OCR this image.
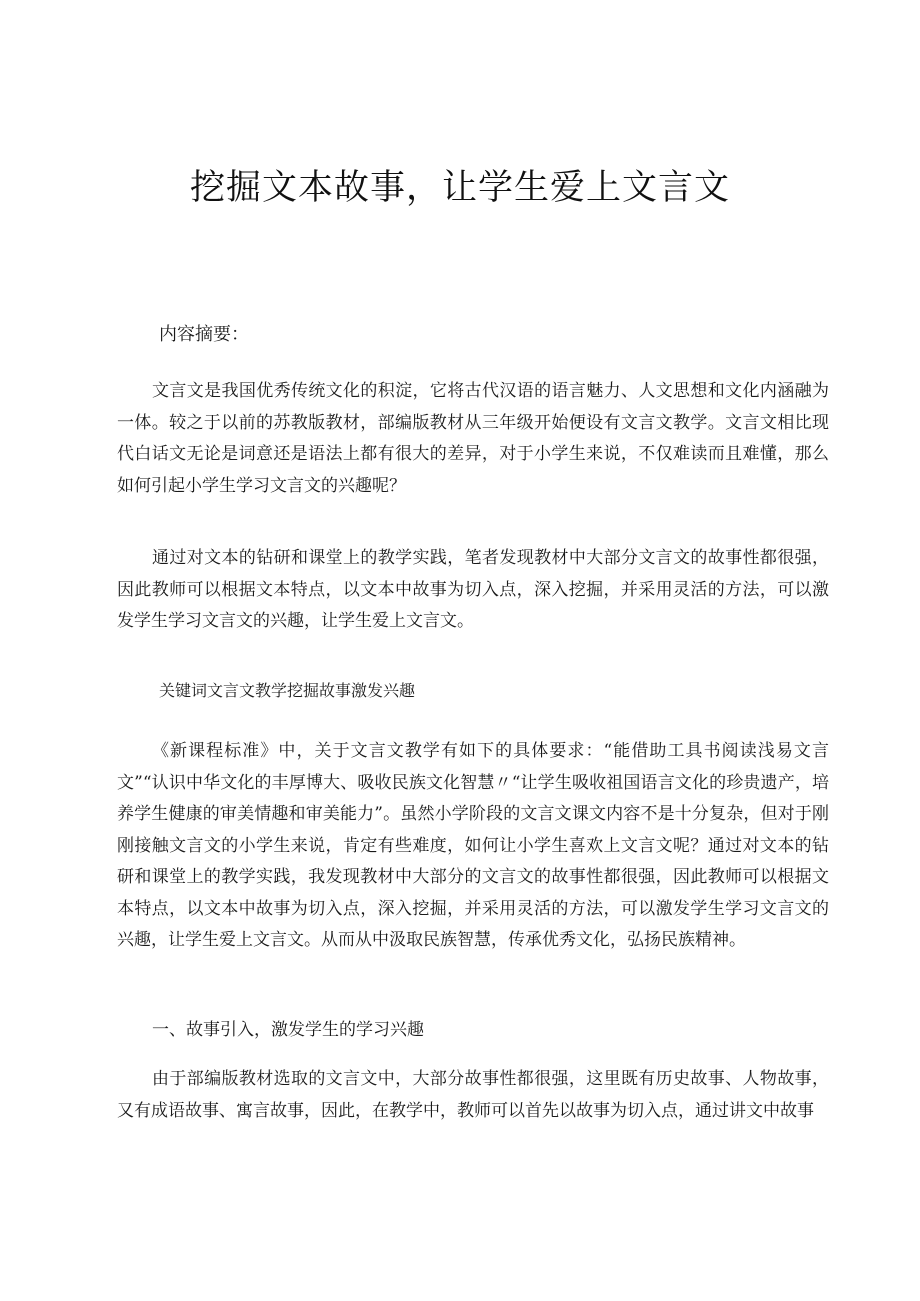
挖掘文本故事，让学生爱上文言文
内容摘要：

文言文是我国优秀传统文化的积淀，它将古代汉语的语言魅力、人文思想和文化内涵融为一体。较之于以前的苏教版教材，部编版教材从三年级开始便设有文言文教学。文言文相比现代白话文无论是词意还是语法上都有很大的差异，对于小学生来说，不仅难读而且难懂，那么如何引起小学生学习文言文的兴趣呢？

通过对文本的钻研和课堂上的教学实践，笔者发现教材中大部分文言文的故事性都很强，因此教师可以根据文本特点，以文本中故事为切入点，深入挖掘，并采用灵活的方法，可以激发学生学习文言文的兴趣，让学生爱上文言文。

关键词文言文教学挖掘故事激发兴趣

《新课程标准》中，关于文言文教学有如下的具体要求：“能借助工具书阅读浅易文言文”“认识中华文化的丰厚博大、吸收民族文化智慧〃“让学生吸收祖国语言文化的珍贵遗产，培养学生健康的审美情趣和审美能力”。虽然小学阶段的文言文课文内容不是十分复杂，但对于刚刚接触文言文的小学生来说，肯定有些难度，如何让小学生喜欢上文言文呢？通过对文本的钻研和课堂上的教学实践，我发现教材中大部分的文言文的故事性都很强，因此教师可以根据文本特点，以文本中故事为切入点，深入挖掘，并采用灵活的方法，可以激发学生学习文言文的兴趣，让学生爱上文言文。从而从中汲取民族智慧，传承优秀文化，弘扬民族精神。

一、故事引入，激发学生的学习兴趣

由于部编版教材选取的文言文中，大部分故事性都很强，这里既有历史故事、人物故事，又有成语故事、寓言故事，因此，在教学中，教师可以首先以故事为切入点，通过讲文中故事
